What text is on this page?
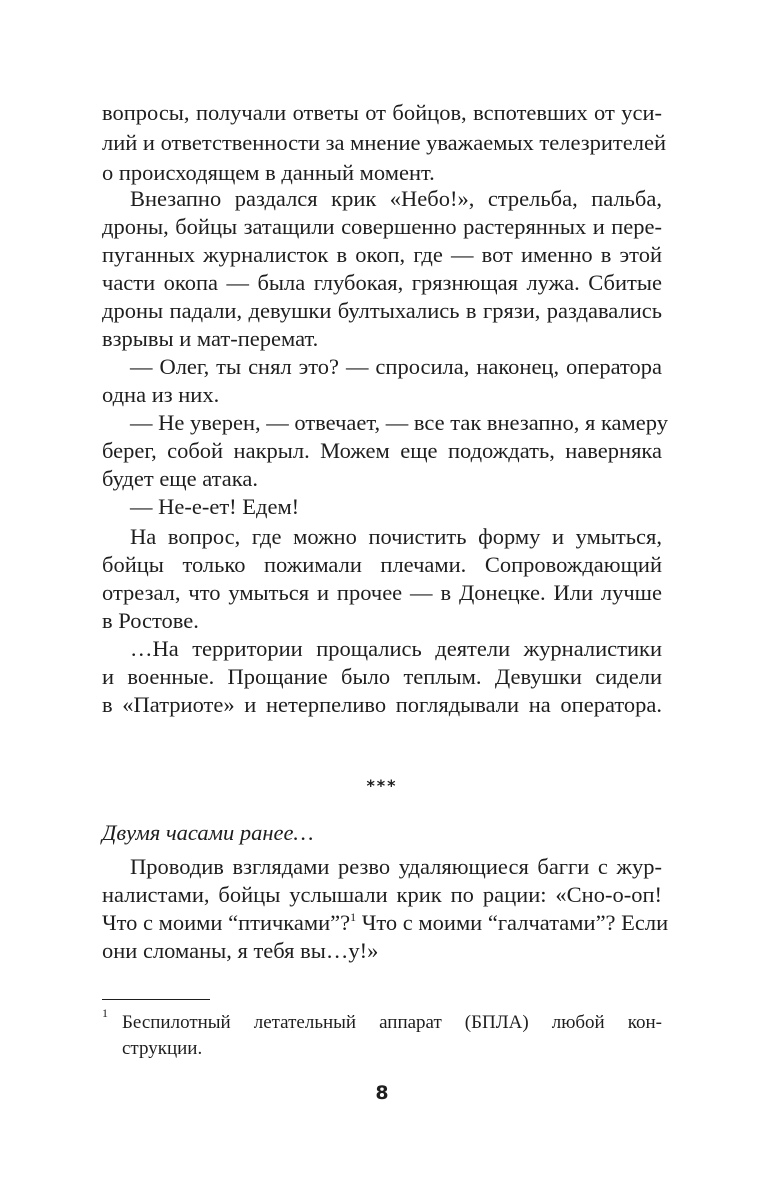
вопросы, получали ответы от бойцов, вспотевших от уси-
лий и ответственности за мнение уважаемых телезрителей
о происходящем в данный момент.
Внезапно раздался крик «Небо!», стрельба, пальба,
дроны, бойцы затащили совершенно растерянных и пере-
пуганных журналисток в окоп, где — вот именно в этой
части окопа — была глубокая, грязнющая лужа. Сбитые
дроны падали, девушки бултыхались в грязи, раздавались
взрывы и мат-перемат.
— Олег, ты снял это? — спросила, наконец, оператора
одна из них.
— Не уверен, — отвечает, — все так внезапно, я камеру
берег, собой накрыл. Можем еще подождать, наверняка
будет еще атака.
— Не-е-ет! Едем!
На вопрос, где можно почистить форму и умыться,
бойцы только пожимали плечами. Сопровождающий
отрезал, что умыться и прочее — в Донецке. Или лучше
в Ростове.
…На территории прощались деятели журналистики
и военные. Прощание было теплым. Девушки сидели
в «Патриоте» и нетерпеливо поглядывали на оператора.
***
Двумя часами ранее…
Проводив взглядами резво удаляющиеся багги с жур-
налистами, бойцы услышали крик по рации: «Сно-о-оп!
Что с моими “птичками”?$^1$ Что с моими “галчатами”? Если
они сломаны, я тебя вы…у!»
1 Беспилотный летательный аппарат (БПЛА) любой кон-
струкции.
8
